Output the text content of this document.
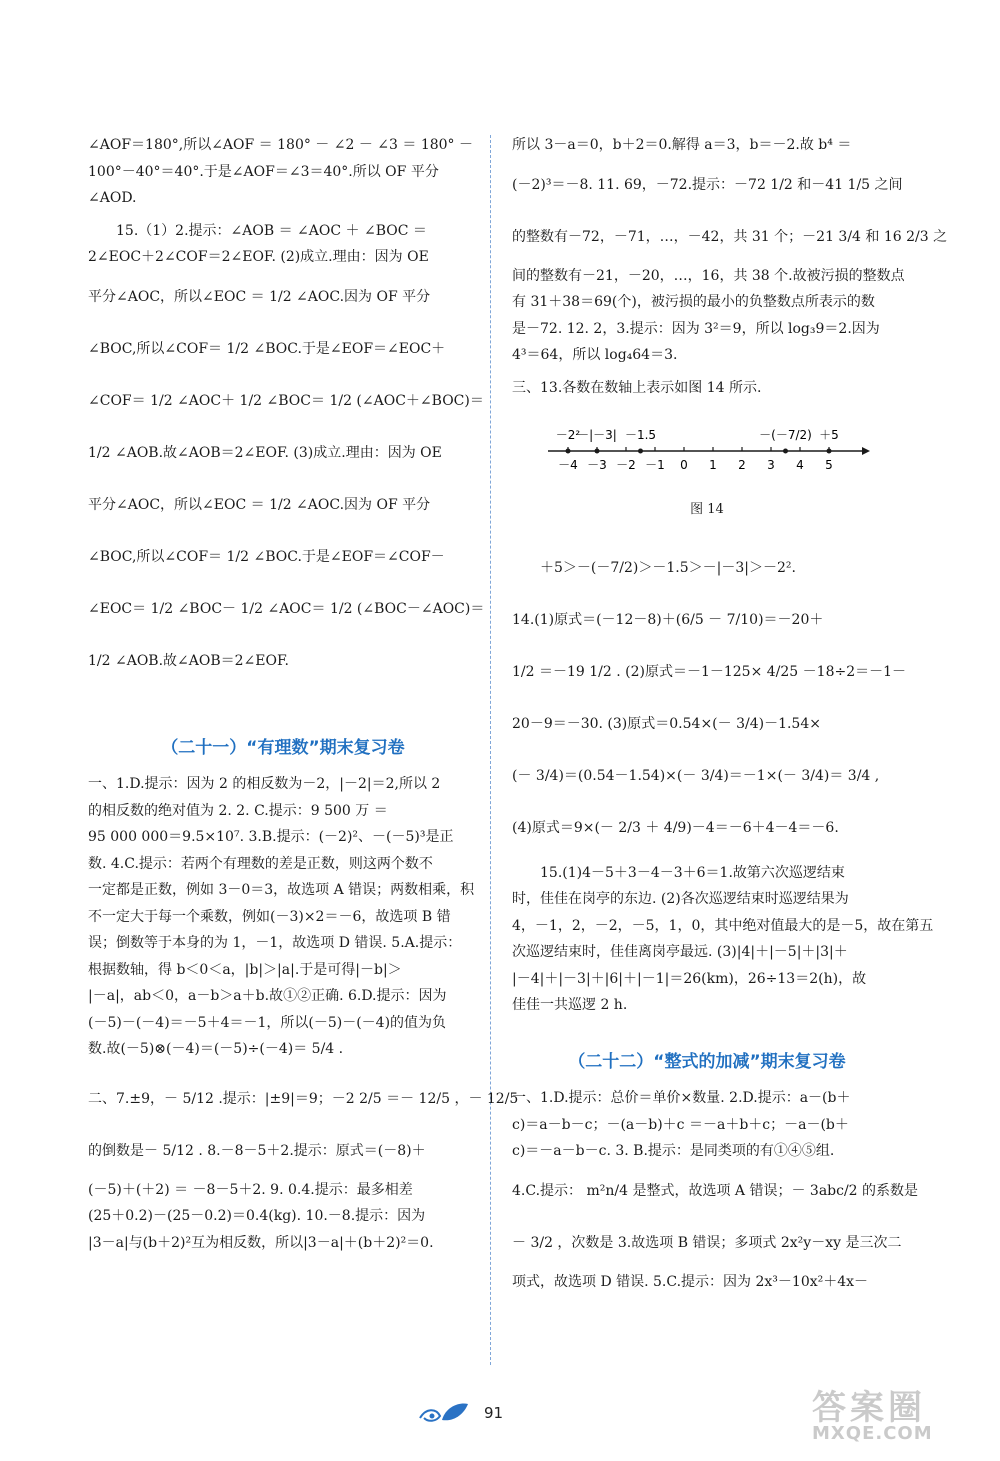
∠AOF＝180°,所以∠AOF ＝ 180° － ∠2 － ∠3 ＝ 180° －
100°－40°＝40°.于是∠AOF＝∠3＝40°.所以 OF 平分
∠AOD.
15.（1）2.提示：∠AOB ＝ ∠AOC ＋ ∠BOC ＝
2∠EOC＋2∠COF＝2∠EOF. (2)成立.理由：因为 OE
平分∠AOC，所以∠EOC ＝ 1/2 ∠AOC.因为 OF 平分
∠BOC,所以∠COF＝ 1/2 ∠BOC.于是∠EOF＝∠EOC＋
∠COF＝ 1/2 ∠AOC＋ 1/2 ∠BOC＝ 1/2 (∠AOC＋∠BOC)＝
1/2 ∠AOB.故∠AOB＝2∠EOF. (3)成立.理由：因为 OE
平分∠AOC，所以∠EOC ＝ 1/2 ∠AOC.因为 OF 平分
∠BOC,所以∠COF＝ 1/2 ∠BOC.于是∠EOF＝∠COF－
∠EOC＝ 1/2 ∠BOC－ 1/2 ∠AOC＝ 1/2 (∠BOC－∠AOC)＝
1/2 ∠AOB.故∠AOB＝2∠EOF.
（二十一）“有理数”期末复习卷
一、1.D.提示：因为 2 的相反数为－2，|－2|＝2,所以 2
的相反数的绝对值为 2. 2. C.提示：9 500 万 ＝
95 000 000＝9.5×10⁷. 3.B.提示：(－2)²、－(－5)³是正
数. 4.C.提示：若两个有理数的差是正数，则这两个数不
一定都是正数，例如 3－0＝3，故选项 A 错误；两数相乘，积
不一定大于每一个乘数，例如(－3)×2＝－6，故选项 B 错
误；倒数等于本身的为 1，－1，故选项 D 错误. 5.A.提示：
根据数轴，得 b＜0＜a，|b|＞|a|.于是可得|－b|＞
|－a|，ab＜0，a－b＞a＋b.故①②正确. 6.D.提示：因为
(－5)－(－4)＝－5＋4＝－1，所以(－5)－(－4)的值为负
数.故(－5)⊗(－4)＝(－5)÷(－4)＝ 5/4 .
二、7.±9，－ 5/12 .提示：|±9|＝9；－2 2/5 ＝－ 12/5 ，－ 12/5
的倒数是－ 5/12 . 8.－8－5＋2.提示：原式＝(－8)＋
(－5)＋(＋2) ＝ －8－5＋2. 9. 0.4.提示：最多相差
(25＋0.2)－(25－0.2)＝0.4(kg). 10.－8.提示：因为
|3－a|与(b＋2)²互为相反数，所以|3－a|＋(b＋2)²＝0.
所以 3－a＝0，b＋2＝0.解得 a＝3，b＝－2.故 b⁴ ＝
(－2)³＝－8. 11. 69，－72.提示：－72 1/2 和－41 1/5 之间
的整数有－72，－71，…，－42，共 31 个；－21 3/4 和 16 2/3 之
间的整数有－21，－20，…，16，共 38 个.故被污损的整数点
有 31＋38＝69(个)，被污损的最小的负整数点所表示的数
是－72. 12. 2，3.提示：因为 3²＝9，所以 log₃9＝2.因为
4³＝64，所以 log₄64＝3.
三、13.各数在数轴上表示如图 14 所示.
－4 －3 －2 －1 0 1 2 3 4 5
－2²
－|－3| －1.5	－(－7/2) ＋5
图 14
＋5＞－(－7/2)＞－1.5＞－|－3|＞－2².
14.(1)原式＝(－12－8)＋(6/5 － 7/10)＝－20＋
1/2 ＝－19 1/2 . (2)原式＝－1－125× 4/25 －18÷2＝－1－
20－9＝－30. (3)原式＝0.54×(－ 3/4)－1.54×
(－ 3/4)＝(0.54－1.54)×(－ 3/4)＝－1×(－ 3/4)＝ 3/4 ,
(4)原式＝9×(－ 2/3 ＋ 4/9)－4＝－6＋4－4＝－6.
15.(1)4－5＋3－4－3＋6＝1.故第六次巡逻结束
时，佳佳在岗亭的东边. (2)各次巡逻结束时巡逻结果为
4，－1，2，－2，－5，1，0，其中绝对值最大的是－5，故在第五
次巡逻结束时，佳佳离岗亭最远. (3)|4|＋|－5|＋|3|＋
|－4|＋|－3|＋|6|＋|－1|＝26(km)，26÷13＝2(h)，故
佳佳一共巡逻 2 h.
（二十二）“整式的加减”期末复习卷
一、1.D.提示：总价＝单价×数量. 2.D.提示：a－(b＋
c)＝a－b－c；－(a－b)＋c ＝－a＋b＋c；－a－(b＋
c)＝－a－b－c. 3. B.提示：是同类项的有①④⑤组.
4.C.提示： m²n/4 是整式，故选项 A 错误；－ 3abc/2 的系数是
－ 3/2 ，次数是 3.故选项 B 错误；多项式 2x²y－xy 是三次二
项式，故选项 D 错误. 5.C.提示：因为 2x³－10x²＋4x－
91	答案圈
MXQE.COM
